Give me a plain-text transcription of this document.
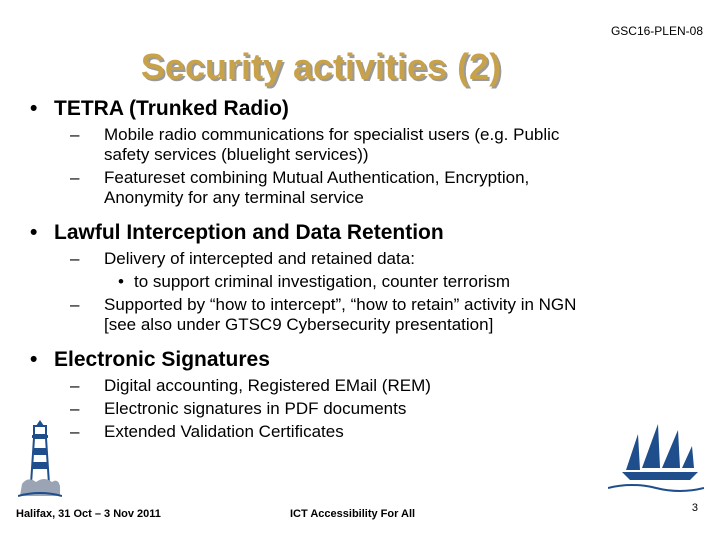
GSC16-PLEN-08
Security activities (2)
• TETRA (Trunked Radio)
– Mobile radio communications for specialist users (e.g. Public
safety services (bluelight services))
– Featureset combining Mutual Authentication, Encryption,
Anonymity for any terminal service
• Lawful Interception and Data Retention
– Delivery of intercepted and retained data:
• to support criminal investigation, counter terrorism
– Supported by “how to intercept”, “how to retain” activity in NGN
[see also under GTSC9 Cybersecurity presentation]
• Electronic Signatures
– Digital accounting, Registered EMail (REM)
– Electronic signatures in PDF documents
– Extended Validation Certificates
Halifax, 31 Oct – 3 Nov 2011	ICT Accessibility For All	3
